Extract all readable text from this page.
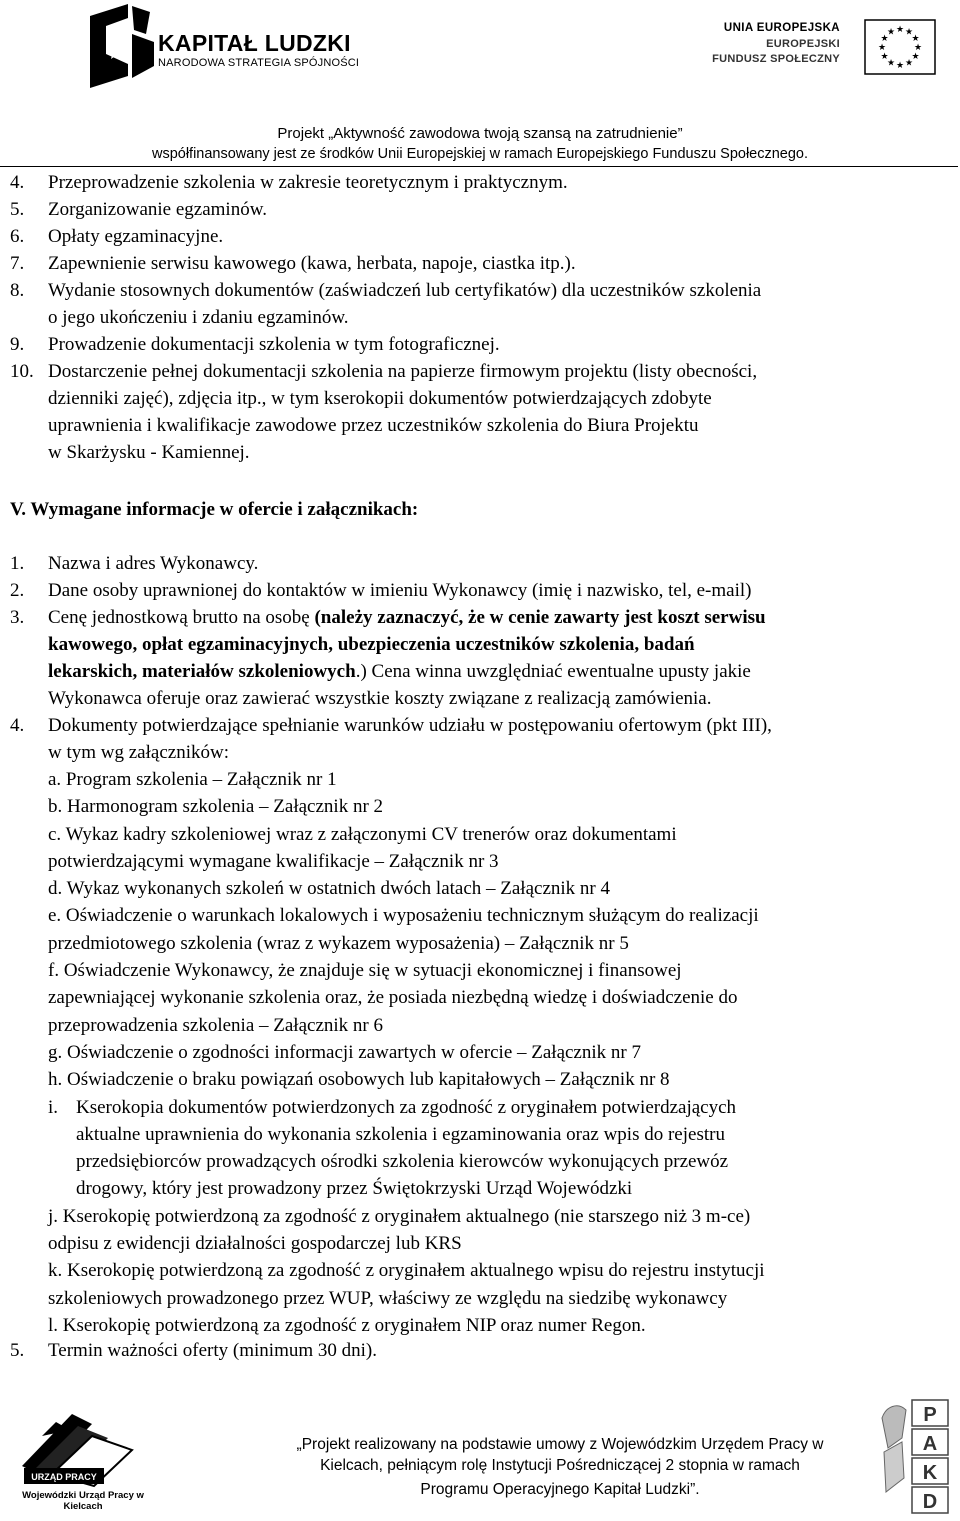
KAPITAŁ LUDZKI
NARODOWA STRATEGIA SPÓJNOŚCI
UNIA EUROPEJSKA
EUROPEJSKI
FUNDUSZ SPOŁECZNY
★ ★
★
★
★
★
★
★
★
★
★
★
Projekt „Aktywność zawodowa twoją szansą na zatrudnienie”
współfinansowany jest ze środków Unii Europejskiej w ramach Europejskiego Funduszu Społecznego.
4. Przeprowadzenie szkolenia w zakresie teoretycznym i praktycznym.
5. Zorganizowanie egzaminów.
6. Opłaty egzaminacyjne.
7. Zapewnienie serwisu kawowego (kawa, herbata, napoje, ciastka itp.).
8. Wydanie stosownych dokumentów (zaświadczeń lub certyfikatów) dla uczestników szkolenia
o jego ukończeniu i zdaniu egzaminów.
9. Prowadzenie dokumentacji szkolenia w tym fotograficznej.
10. Dostarczenie pełnej dokumentacji szkolenia na papierze firmowym projektu (listy obecności,
dzienniki zajęć), zdjęcia itp., w tym kserokopii dokumentów potwierdzających zdobyte
uprawnienia i kwalifikacje zawodowe przez uczestników szkolenia do Biura Projektu
w Skarżysku - Kamiennej.
V. Wymagane informacje w ofercie i załącznikach:
1. Nazwa i adres Wykonawcy.
2. Dane osoby uprawnionej do kontaktów w imieniu Wykonawcy (imię i nazwisko, tel, e-mail)
3. Cenę jednostkową brutto na osobę (należy zaznaczyć, że w cenie zawarty jest koszt serwisu
kawowego, opłat egzaminacyjnych, ubezpieczenia uczestników szkolenia, badań
lekarskich, materiałów szkoleniowych.) Cena winna uwzględniać ewentualne upusty jakie
Wykonawca oferuje oraz zawierać wszystkie koszty związane z realizacją zamówienia.
4. Dokumenty potwierdzające spełnianie warunków udziału w postępowaniu ofertowym (pkt III),
w tym wg załączników:
a. Program szkolenia – Załącznik nr 1
b. Harmonogram szkolenia – Załącznik nr 2
c. Wykaz kadry szkoleniowej wraz z załączonymi CV trenerów oraz dokumentami
potwierdzającymi wymagane kwalifikacje – Załącznik nr 3
d. Wykaz wykonanych szkoleń w ostatnich dwóch latach – Załącznik nr 4
e. Oświadczenie o warunkach lokalowych i wyposażeniu technicznym służącym do realizacji
przedmiotowego szkolenia (wraz z wykazem wyposażenia) – Załącznik nr 5
f. Oświadczenie Wykonawcy, że znajduje się w sytuacji ekonomicznej i finansowej
zapewniającej wykonanie szkolenia oraz, że posiada niezbędną wiedzę i doświadczenie do
przeprowadzenia szkolenia – Załącznik nr 6
g. Oświadczenie o zgodności informacji zawartych w ofercie – Załącznik nr 7
h. Oświadczenie o braku powiązań osobowych lub kapitałowych – Załącznik nr 8
i. Kserokopia dokumentów potwierdzonych za zgodność z oryginałem potwierdzających
aktualne uprawnienia do wykonania szkolenia i egzaminowania oraz wpis do rejestru
przedsiębiorców prowadzących ośrodki szkolenia kierowców wykonujących przewóz
drogowy, który jest prowadzony przez Świętokrzyski Urząd Wojewódzki
j. Kserokopię potwierdzoną za zgodność z oryginałem aktualnego (nie starszego niż 3 m-ce)
odpisu z ewidencji działalności gospodarczej lub KRS
k. Kserokopię potwierdzoną za zgodność z oryginałem aktualnego wpisu do rejestru instytucji
szkoleniowych prowadzonego przez WUP, właściwy ze względu na siedzibę wykonawcy
l. Kserokopię potwierdzoną za zgodność z oryginałem NIP oraz numer Regon.
5. Termin ważności oferty (minimum 30 dni).
URZĄD PRACY
Wojewódzki Urząd Pracy w Kielcach
„Projekt realizowany na podstawie umowy z Wojewódzkim Urzędem Pracy w
Kielcach, pełniącym rolę Instytucji Pośredniczącej 2 stopnia w ramach
Programu Operacyjnego Kapitał Ludzki”.
P
A
K
D
